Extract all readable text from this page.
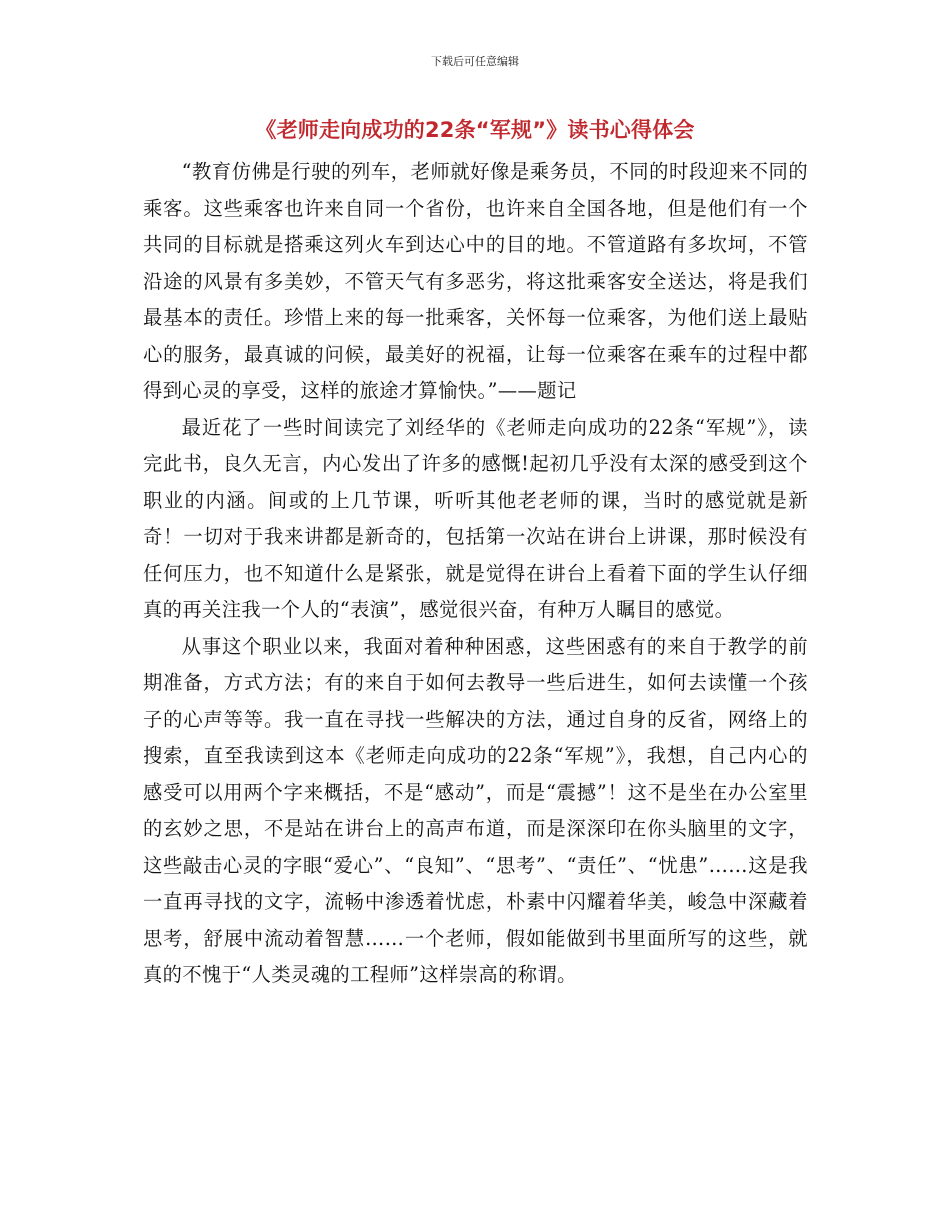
下载后可任意编辑
《老师走向成功的22条“军规”》读书心得体会

“教育仿佛是行驶的列车，老师就好像是乘务员，不同的时段迎来不同的乘客。这些乘客也许来自同一个省份，也许来自全国各地，但是他们有一个共同的目标就是搭乘这列火车到达心中的目的地。不管道路有多坎坷，不管沿途的风景有多美妙，不管天气有多恶劣，将这批乘客安全送达，将是我们最基本的责任。珍惜上来的每一批乘客，关怀每一位乘客，为他们送上最贴心的服务，最真诚的问候，最美好的祝福，让每一位乘客在乘车的过程中都得到心灵的享受，这样的旅途才算愉快。”——题记

最近花了一些时间读完了刘经华的《老师走向成功的22条“军规”》，读完此书，良久无言，内心发出了许多的感慨!起初几乎没有太深的感受到这个职业的内涵。间或的上几节课，听听其他老老师的课，当时的感觉就是新奇！一切对于我来讲都是新奇的，包括第一次站在讲台上讲课，那时候没有任何压力，也不知道什么是紧张，就是觉得在讲台上看着下面的学生认仔细真的再关注我一个人的“表演”，感觉很兴奋，有种万人瞩目的感觉。

从事这个职业以来，我面对着种种困惑，这些困惑有的来自于教学的前期准备，方式方法；有的来自于如何去教导一些后进生，如何去读懂一个孩子的心声等等。我一直在寻找一些解决的方法，通过自身的反省，网络上的搜索，直至我读到这本《老师走向成功的22条“军规”》，我想，自己内心的感受可以用两个字来概括，不是“感动”，而是“震撼”！这不是坐在办公室里的玄妙之思，不是站在讲台上的高声布道，而是深深印在你头脑里的文字，这些敲击心灵的字眼“爱心”、“良知”、“思考”、“责任”、“忧患”……这是我一直再寻找的文字，流畅中渗透着忧虑，朴素中闪耀着华美，峻急中深藏着思考，舒展中流动着智慧……一个老师，假如能做到书里面所写的这些，就真的不愧于“人类灵魂的工程师”这样崇高的称谓。
